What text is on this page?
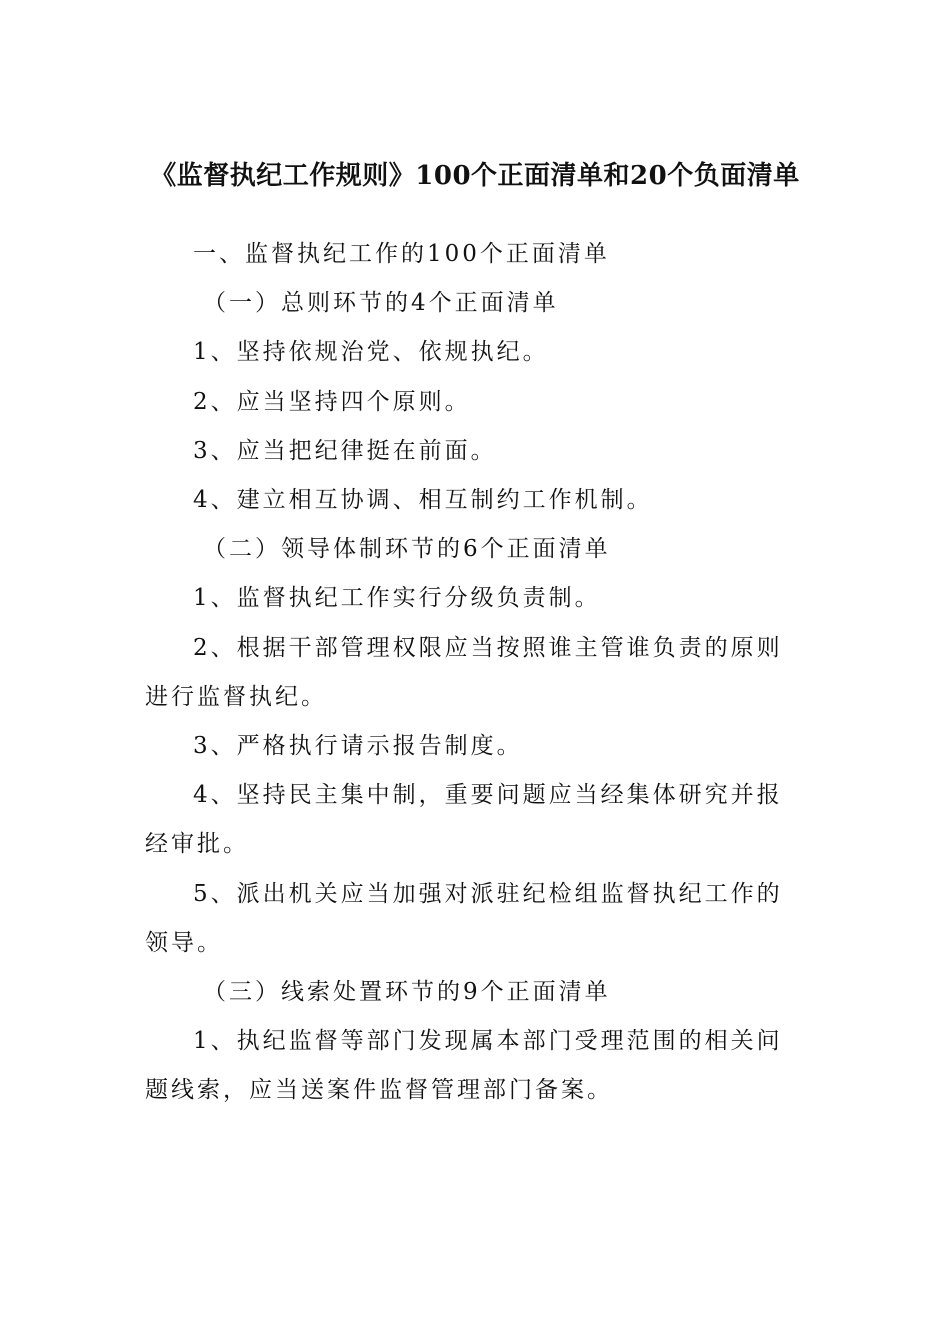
《监督执纪工作规则》100个正面清单和20个负面清单

一、监督执纪工作的100个正面清单

（一）总则环节的4个正面清单

1、坚持依规治党、依规执纪。

2、应当坚持四个原则。

3、应当把纪律挺在前面。

4、建立相互协调、相互制约工作机制。

（二）领导体制环节的6个正面清单

1、监督执纪工作实行分级负责制。

2、根据干部管理权限应当按照谁主管谁负责的原则进行监督执纪。

3、严格执行请示报告制度。

4、坚持民主集中制，重要问题应当经集体研究并报经审批。

5、派出机关应当加强对派驻纪检组监督执纪工作的领导。

（三）线索处置环节的9个正面清单

1、执纪监督等部门发现属本部门受理范围的相关问题线索，应当送案件监督管理部门备案。
